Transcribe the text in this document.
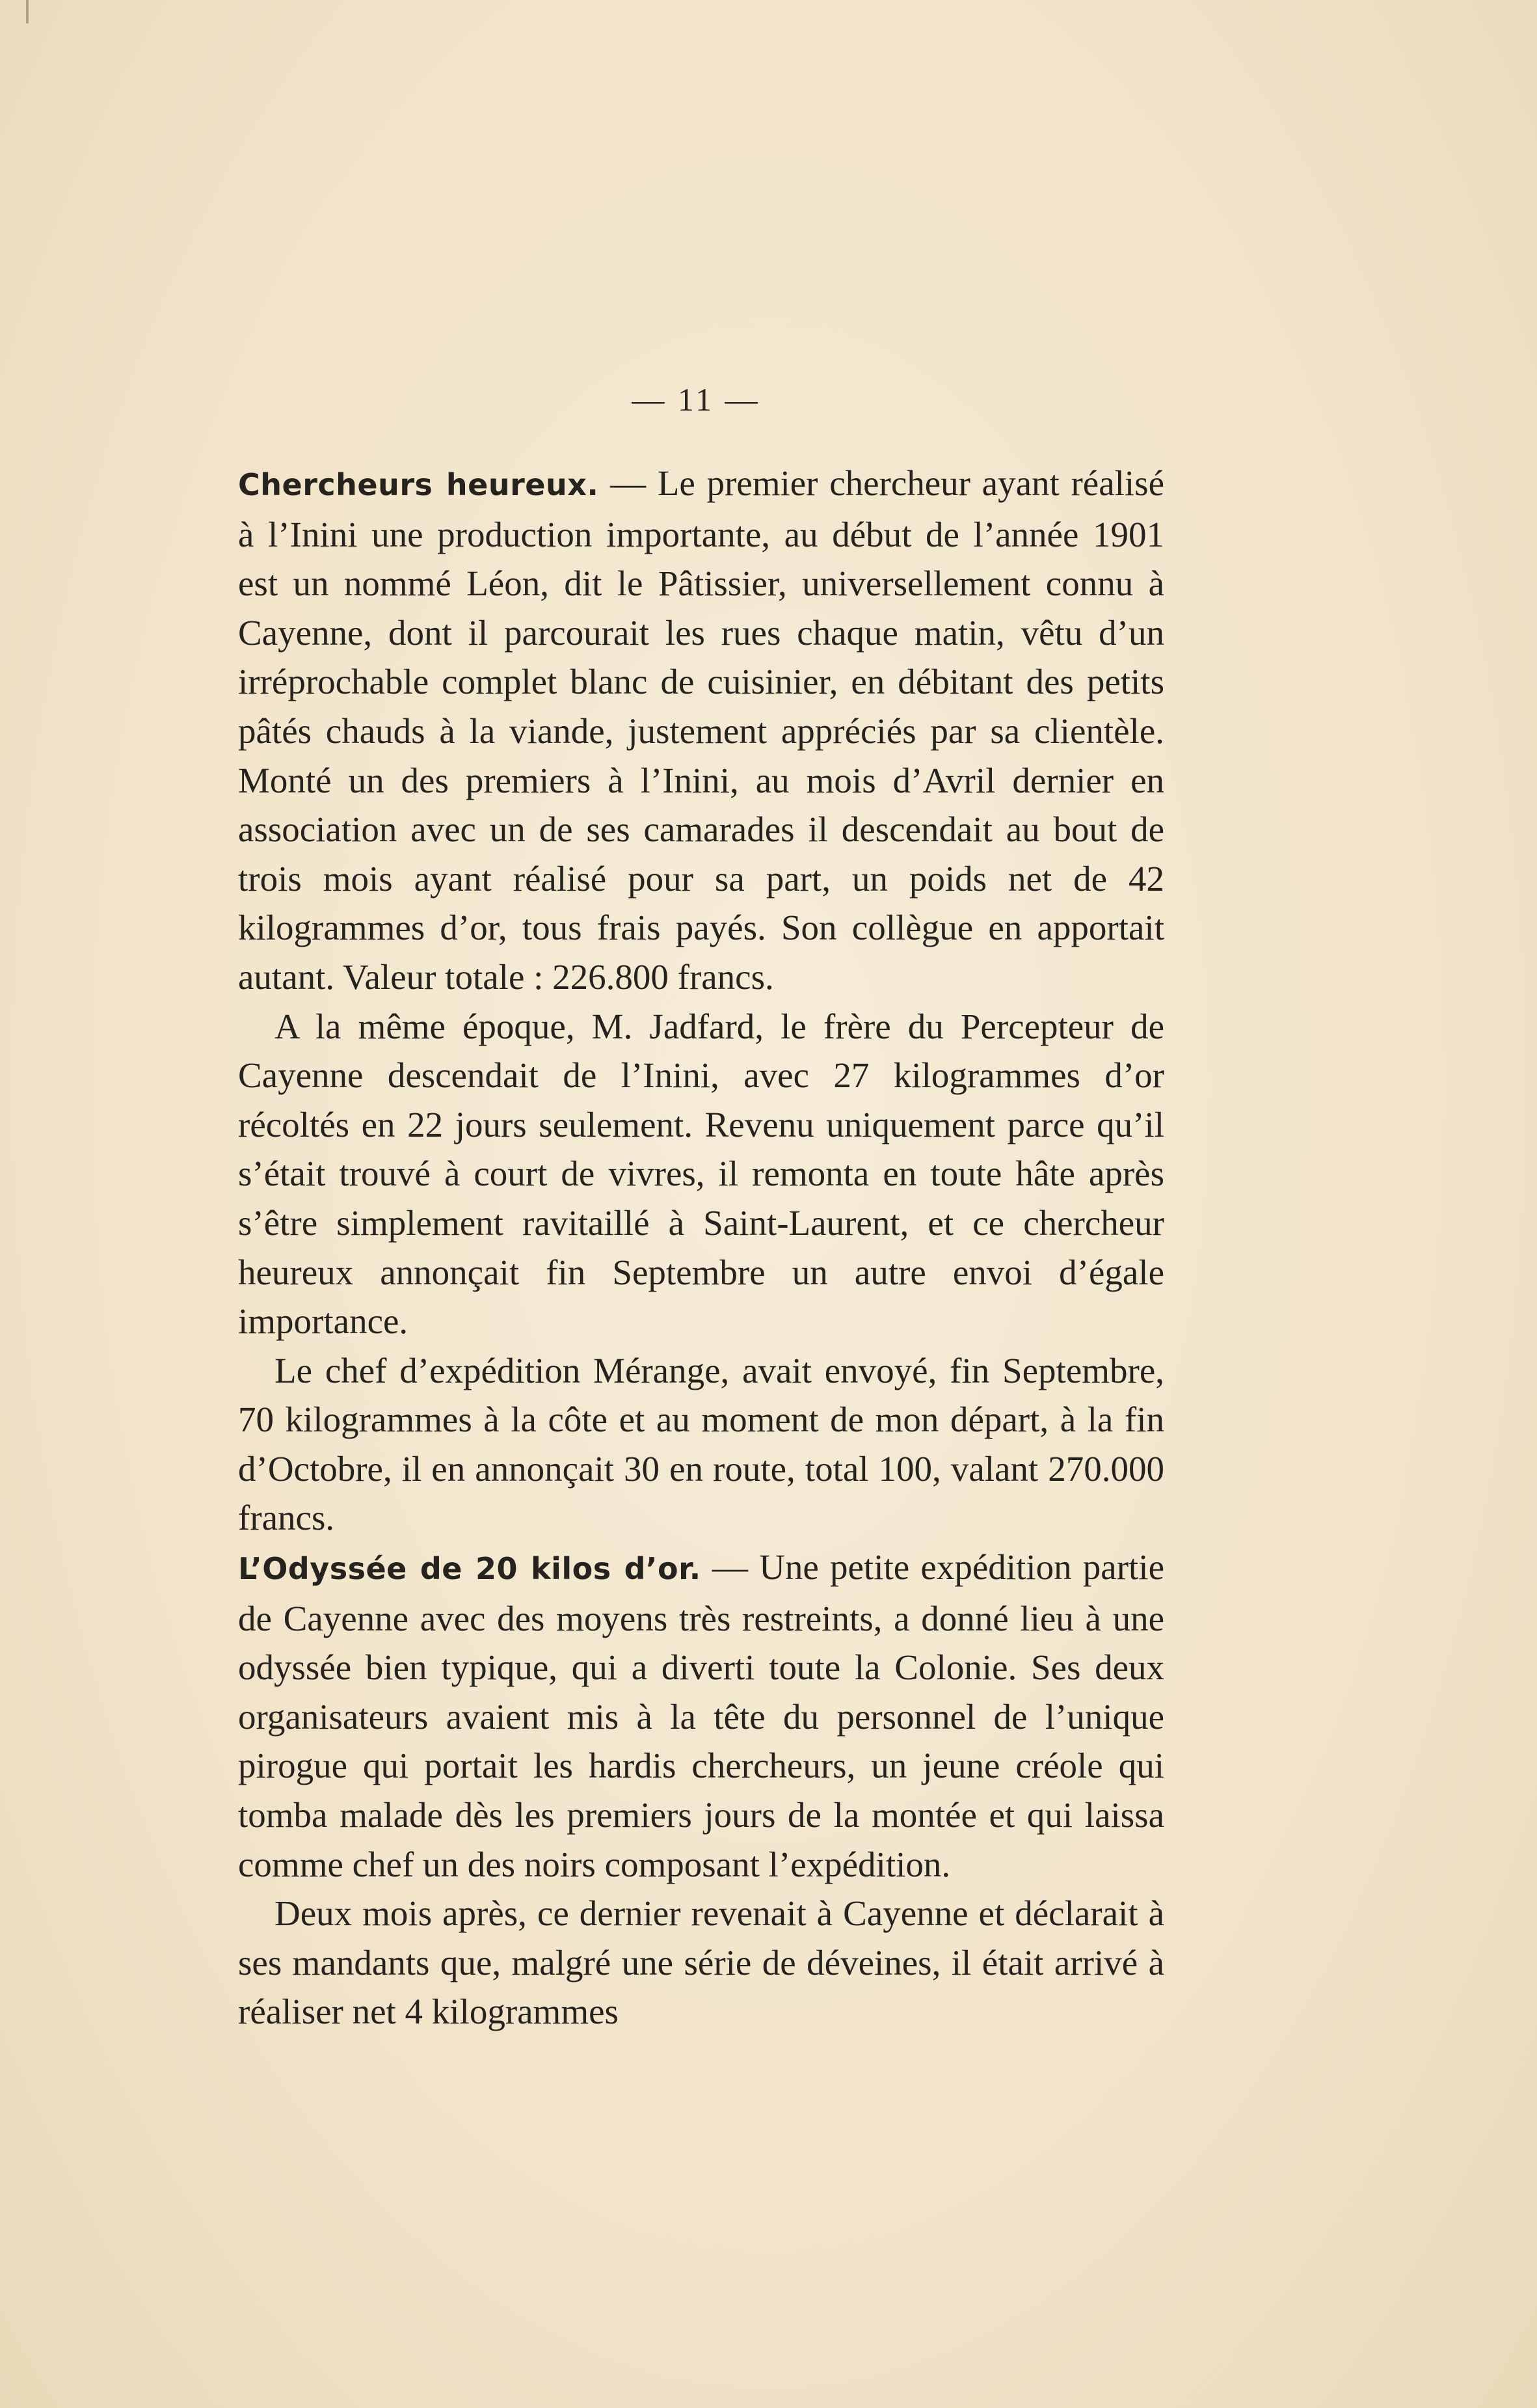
— 11 —

Chercheurs heureux. — Le premier chercheur ayant réalisé à l’Inini une production importante, au début de l’année 1901 est un nommé Léon, dit le Pâtissier, universellement connu à Cayenne, dont il parcourait les rues chaque matin, vêtu d’un irréprochable complet blanc de cuisinier, en débitant des petits pâtés chauds à la viande, justement appréciés par sa clientèle. Monté un des premiers à l’Inini, au mois d’Avril dernier en association avec un de ses camarades il descendait au bout de trois mois ayant réalisé pour sa part, un poids net de 42 kilogrammes d’or, tous frais payés. Son collègue en apportait autant. Valeur totale : 226.800 francs.

A la même époque, M. Jadfard, le frère du Percepteur de Cayenne descendait de l’Inini, avec 27 kilogrammes d’or récoltés en 22 jours seulement. Revenu uniquement parce qu’il s’était trouvé à court de vivres, il remonta en toute hâte après s’être simplement ravitaillé à Saint-Laurent, et ce chercheur heureux annonçait fin Septembre un autre envoi d’égale importance.

Le chef d’expédition Mérange, avait envoyé, fin Septembre, 70 kilogrammes à la côte et au moment de mon départ, à la fin d’Octobre, il en annonçait 30 en route, total 100, valant 270.000 francs.

L’Odyssée de 20 kilos d’or. — Une petite expédition partie de Cayenne avec des moyens très restreints, a donné lieu à une odyssée bien typique, qui a diverti toute la Colonie. Ses deux organisateurs avaient mis à la tête du personnel de l’unique pirogue qui portait les hardis chercheurs, un jeune créole qui tomba malade dès les premiers jours de la montée et qui laissa comme chef un des noirs composant l’expédition.

Deux mois après, ce dernier revenait à Cayenne et déclarait à ses mandants que, malgré une série de déveines, il était arrivé à réaliser net 4 kilogrammes
